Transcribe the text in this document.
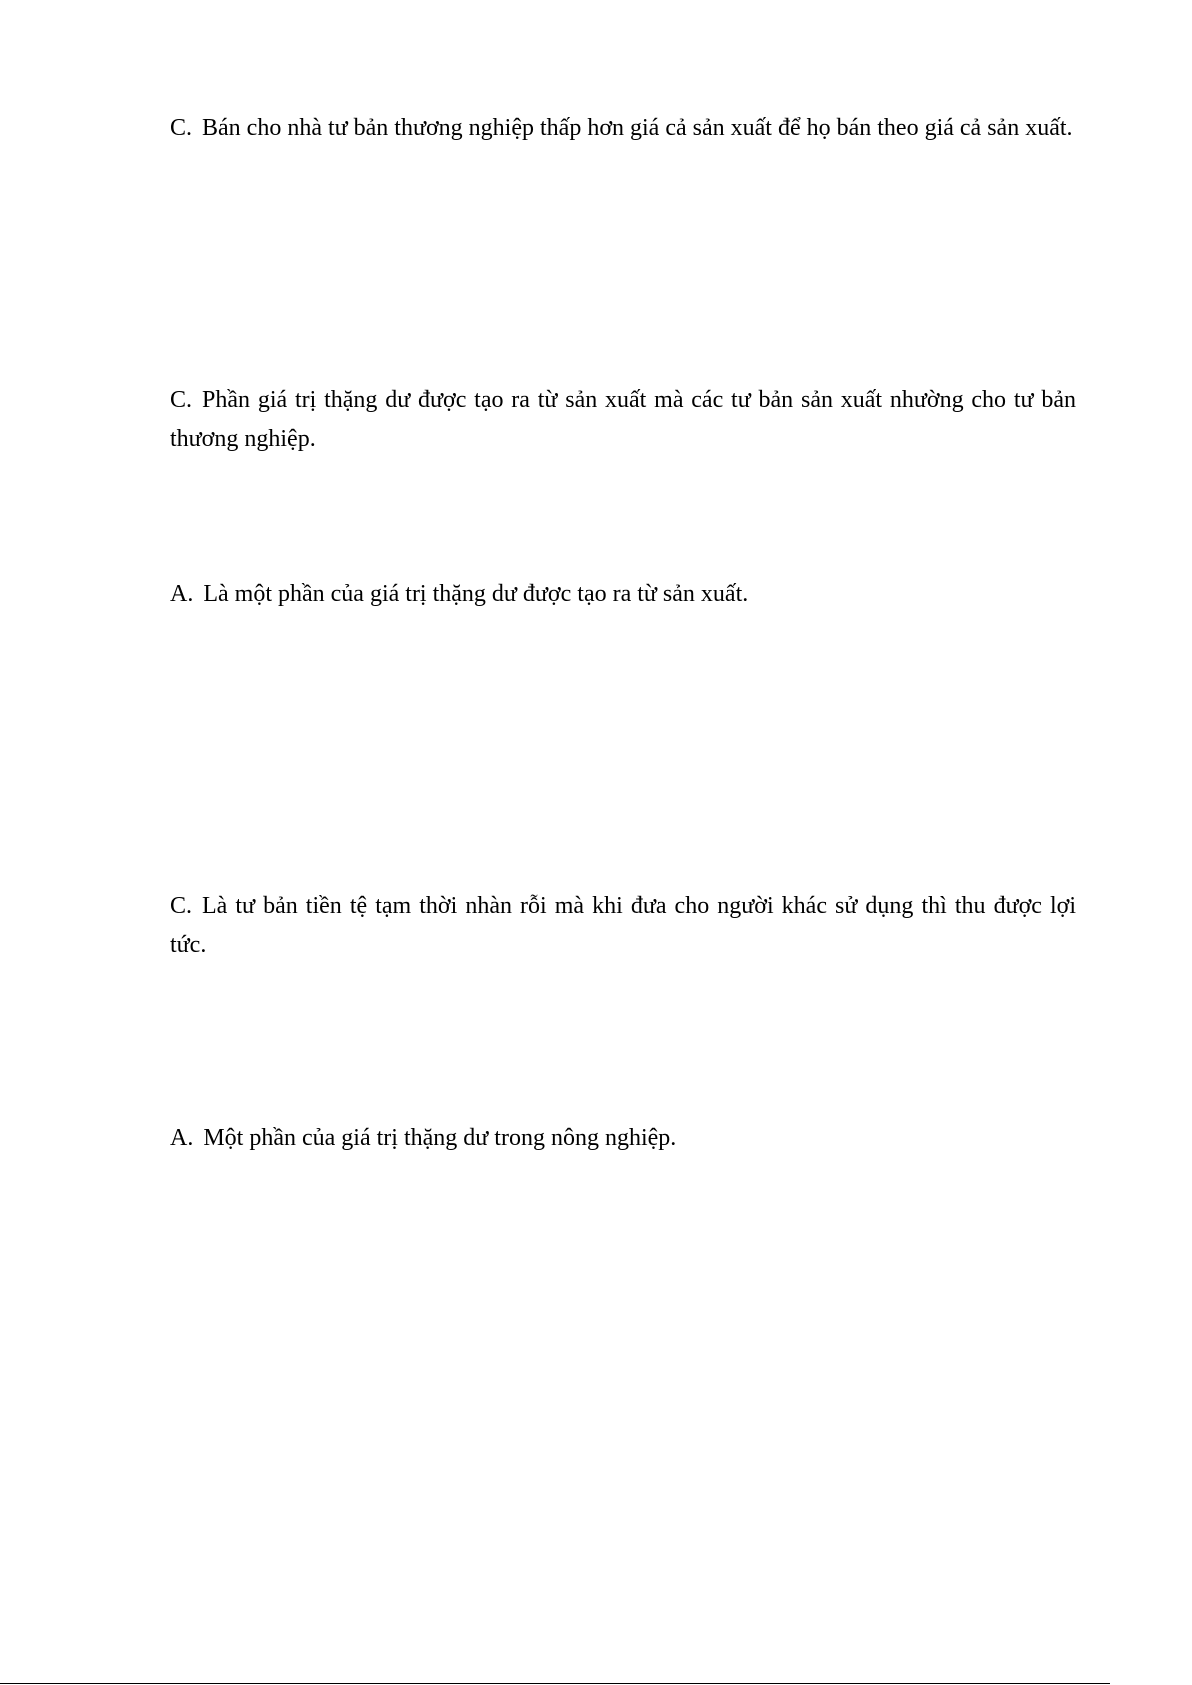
C. Bán cho nhà tư bản thương nghiệp thấp hơn giá cả sản xuất để họ bán theo giá cả sản xuất.

C. Phần giá trị thặng dư được tạo ra từ sản xuất mà các tư bản sản xuất nhường cho tư bản thương nghiệp.

A. Là một phần của giá trị thặng dư được tạo ra từ sản xuất.

C. Là tư bản tiền tệ tạm thời nhàn rỗi mà khi đưa cho người khác sử dụng thì thu được lợi tức.

A. Một phần của giá trị thặng dư trong nông nghiệp.
